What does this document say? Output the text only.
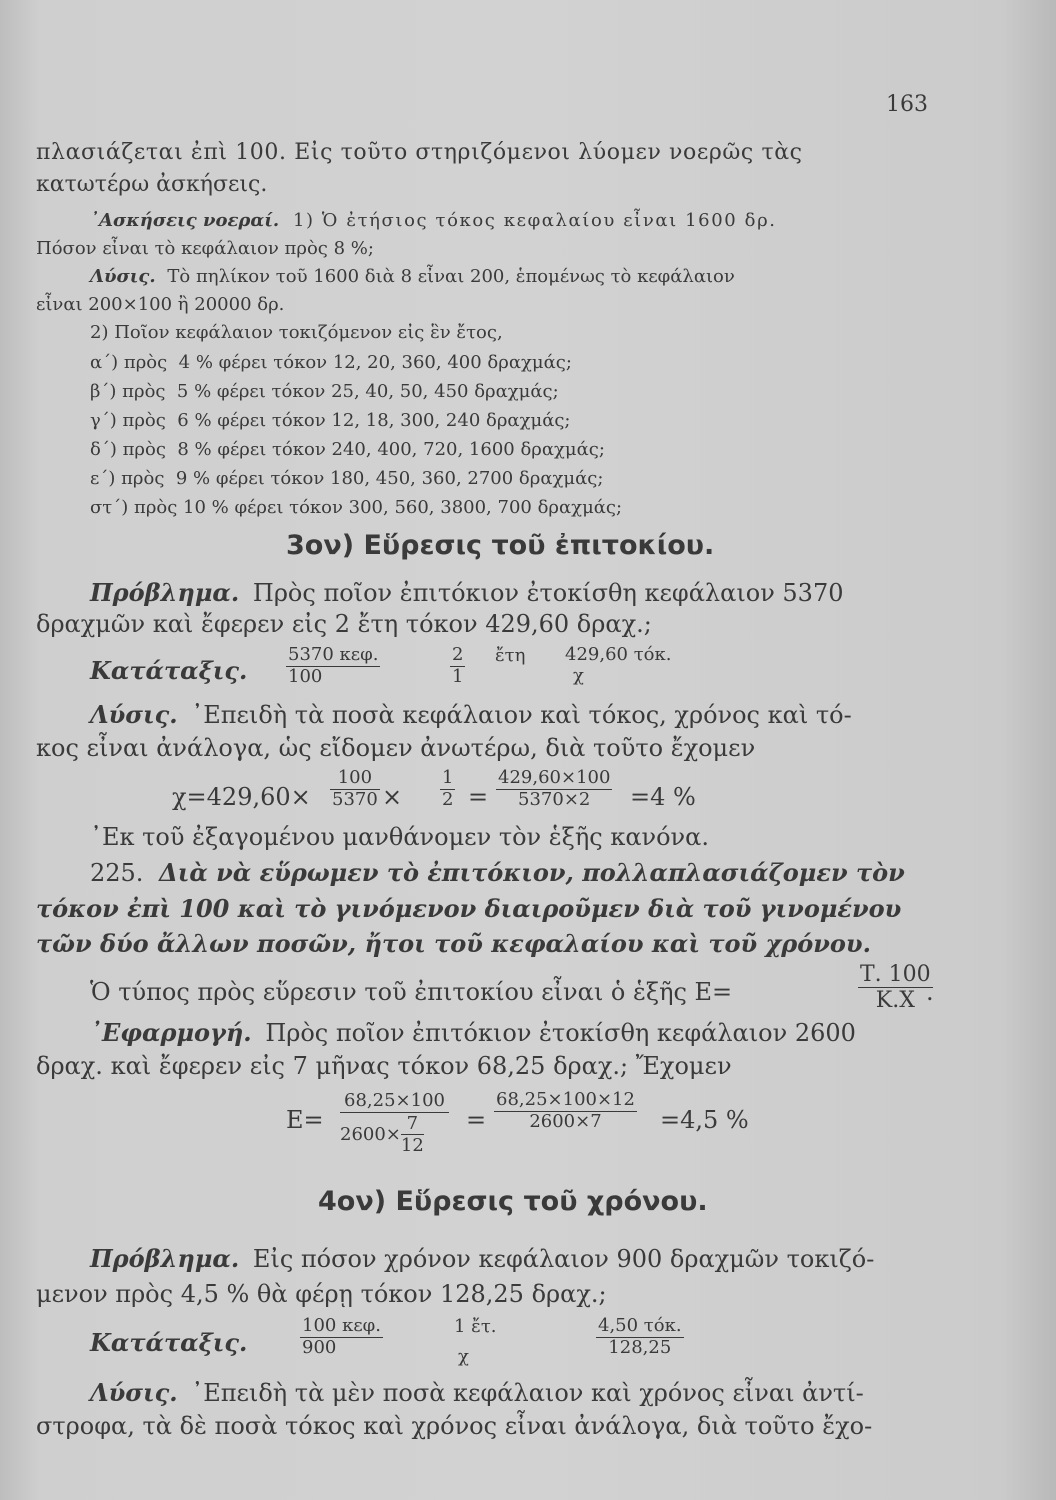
163
πλασιάζεται ἐπὶ 100. Εἰς τοῦτο στηριζόμενοι λύομεν νοερῶς τὰς
κατωτέρω ἀσκήσεις.
᾿Ασκήσεις νοεραί. 1) Ὁ ἐτήσιος τόκος κεφαλαίου εἶναι 1600 δρ.
Πόσον εἶναι τὸ κεφάλαιον πρὸς 8 %;
Λύσις. Τὸ πηλίκον τοῦ 1600 διὰ 8 εἶναι 200, ἑπομένως τὸ κεφάλαιον
εἶναι 200×100 ἢ 20000 δρ.
2) Ποῖον κεφάλαιον τοκιζόμενον εἰς ἓν ἔτος,
α΄) πρὸς  4 % φέρει τόκον 12, 20, 360, 400 δραχμάς;
β΄) πρὸς  5 % φέρει τόκον 25, 40, 50, 450 δραχμάς;
γ΄) πρὸς  6 % φέρει τόκον 12, 18, 300, 240 δραχμάς;
δ΄) πρὸς  8 % φέρει τόκον 240, 400, 720, 1600 δραχμάς;
ε΄) πρὸς  9 % φέρει τόκον 180, 450, 360, 2700 δραχμάς;
στ΄) πρὸς 10 % φέρει τόκον 300, 560, 3800, 700 δραχμάς;
3ον) Εὕρεσις τοῦ ἐπιτοκίου.
Πρόβλημα. Πρὸς ποῖον ἐπιτόκιον ἐτοκίσθη κεφάλαιον 5370
δραχμῶν καὶ ἔφερεν εἰς 2 ἔτη τόκον 429,60 δραχ.;
Κατάταξις.
5370 κεφ.
100	$\frac{2}{1}$ ἔτη 429,60 τόκ.
χ
Λύσις. ᾿Επειδὴ τὰ ποσὰ κεφάλαιον καὶ τόκος, χρόνος καὶ τό-
κος εἶναι ἀνάλογα, ὡς εἴδομεν ἀνωτέρω, διὰ τοῦτο ἔχομεν
$\chi=429,60\times \frac{100}{5370} \times \frac{1}{2} = \frac{429,60\times 100}{5370\times 2} =4$ %
᾿Εκ τοῦ ἐξαγομένου μανθάνομεν τὸν ἑξῆς κανόνα.
225. Διὰ νὰ εὕρωμεν τὸ ἐπιτόκιον, πολλαπλασιάζομεν τὸν
τόκον ἐπὶ 100 καὶ τὸ γινόμενον διαιροῦμεν διὰ τοῦ γινομένου
τῶν δύο ἄλλων ποσῶν, ἤτοι τοῦ κεφαλαίου καὶ τοῦ χρόνου.
Ὁ τύπος πρὸς εὕρεσιν τοῦ ἐπιτοκίου εἶναι ὁ ἑξῆς Ε=	$\frac{T. 100}{K.X}$
.
᾿Εφαρμογή. Πρὸς ποῖον ἐπιτόκιον ἐτοκίσθη κεφάλαιον 2600
δραχ. καὶ ἔφερεν εἰς 7 μῆνας τόκον 68,25 δραχ.; Ἔχομεν
Ε=
68,25×100
$2600\times \frac{7}{12} = \frac{68,25\times 100\times 12}{2600\times 7} =4,5$ %
4ον) Εὕρεσις τοῦ χρόνου.
Πρόβλημα. Εἰς πόσον χρόνον κεφάλαιον 900 δραχμῶν τοκιζό-
μενον πρὸς 4,5 % θὰ φέρῃ τόκον 128,25 δραχ.;
Κατάταξις.
100 κεφ.
900
1 ἔτ.
χ
4,50 τόκ.
128,25
Λύσις. ᾿Επειδὴ τὰ μὲν ποσὰ κεφάλαιον καὶ χρόνος εἶναι ἀντί-
στροφα, τὰ δὲ ποσὰ τόκος καὶ χρόνος εἶναι ἀνάλογα, διὰ τοῦτο ἔχο-
